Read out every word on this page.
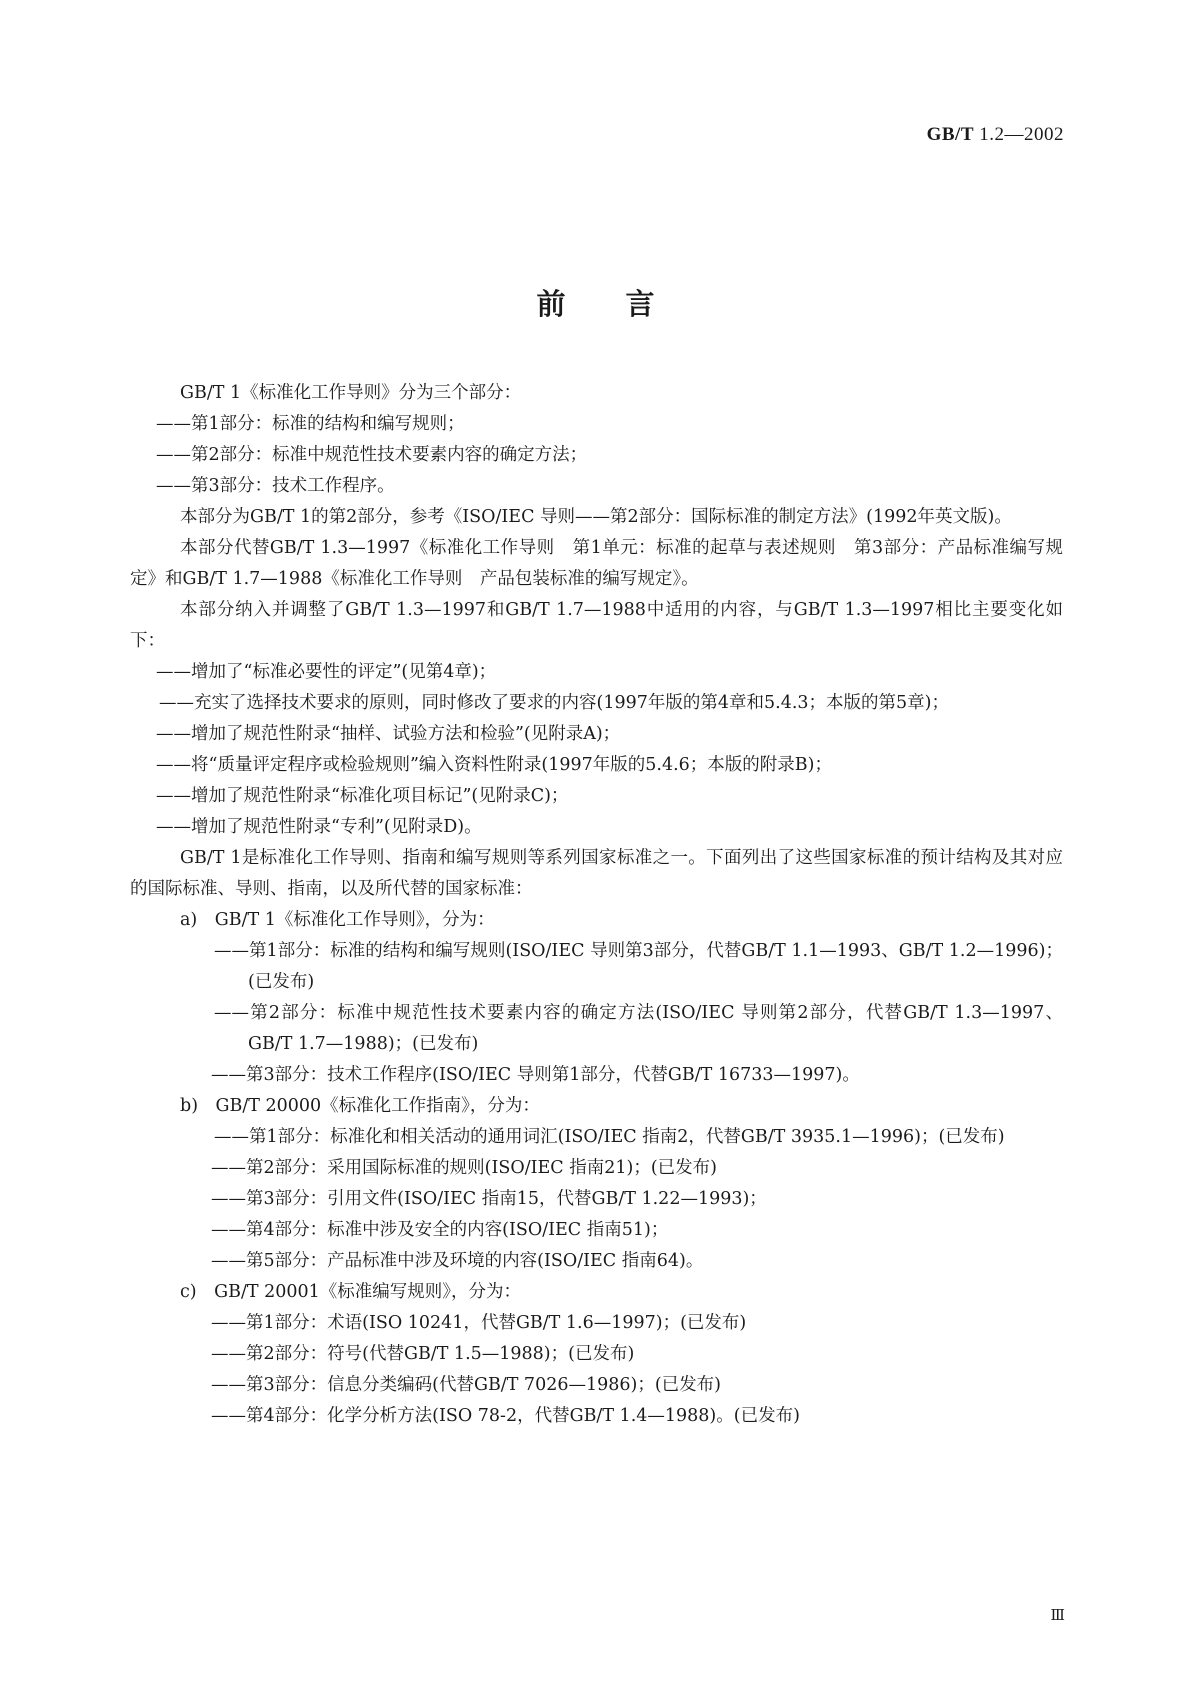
GB/T 1.2—2002
前言

GB/T 1《标准化工作导则》分为三个部分：

——第1部分：标准的结构和编写规则；

——第2部分：标准中规范性技术要素内容的确定方法；

——第3部分：技术工作程序。

本部分为GB/T 1的第2部分，参考《ISO/IEC 导则——第2部分：国际标准的制定方法》(1992年英文版)。

本部分代替GB/T 1.3—1997《标准化工作导则　第1单元：标准的起草与表述规则　第3部分：产品标准编写规定》和GB/T 1.7—1988《标准化工作导则　产品包装标准的编写规定》。

本部分纳入并调整了GB/T 1.3—1997和GB/T 1.7—1988中适用的内容，与GB/T 1.3—1997相比主要变化如下：

——增加了“标准必要性的评定”(见第4章)；

——充实了选择技术要求的原则，同时修改了要求的内容(1997年版的第4章和5.4.3；本版的第5章)；

——增加了规范性附录“抽样、试验方法和检验”(见附录A)；

——将“质量评定程序或检验规则”编入资料性附录(1997年版的5.4.6；本版的附录B)；

——增加了规范性附录“标准化项目标记”(见附录C)；

——增加了规范性附录“专利”(见附录D)。

GB/T 1是标准化工作导则、指南和编写规则等系列国家标准之一。下面列出了这些国家标准的预计结构及其对应的国际标准、导则、指南，以及所代替的国家标准：

a)　GB/T 1《标准化工作导则》，分为：

——第1部分：标准的结构和编写规则(ISO/IEC 导则第3部分，代替GB/T 1.1—1993、GB/T 1.2—1996)；(已发布)

——第2部分：标准中规范性技术要素内容的确定方法(ISO/IEC 导则第2部分，代替GB/T 1.3—1997、GB/T 1.7—1988)；(已发布)

——第3部分：技术工作程序(ISO/IEC 导则第1部分，代替GB/T 16733—1997)。

b)　GB/T 20000《标准化工作指南》，分为：

——第1部分：标准化和相关活动的通用词汇(ISO/IEC 指南2，代替GB/T 3935.1—1996)；(已发布)

——第2部分：采用国际标准的规则(ISO/IEC 指南21)；(已发布)

——第3部分：引用文件(ISO/IEC 指南15，代替GB/T 1.22—1993)；

——第4部分：标准中涉及安全的内容(ISO/IEC 指南51)；

——第5部分：产品标准中涉及环境的内容(ISO/IEC 指南64)。

c)　GB/T 20001《标准编写规则》，分为：

——第1部分：术语(ISO 10241，代替GB/T 1.6—1997)；(已发布)

——第2部分：符号(代替GB/T 1.5—1988)；(已发布)

——第3部分：信息分类编码(代替GB/T 7026—1986)；(已发布)

——第4部分：化学分析方法(ISO 78-2，代替GB/T 1.4—1988)。(已发布)

Ⅲ
